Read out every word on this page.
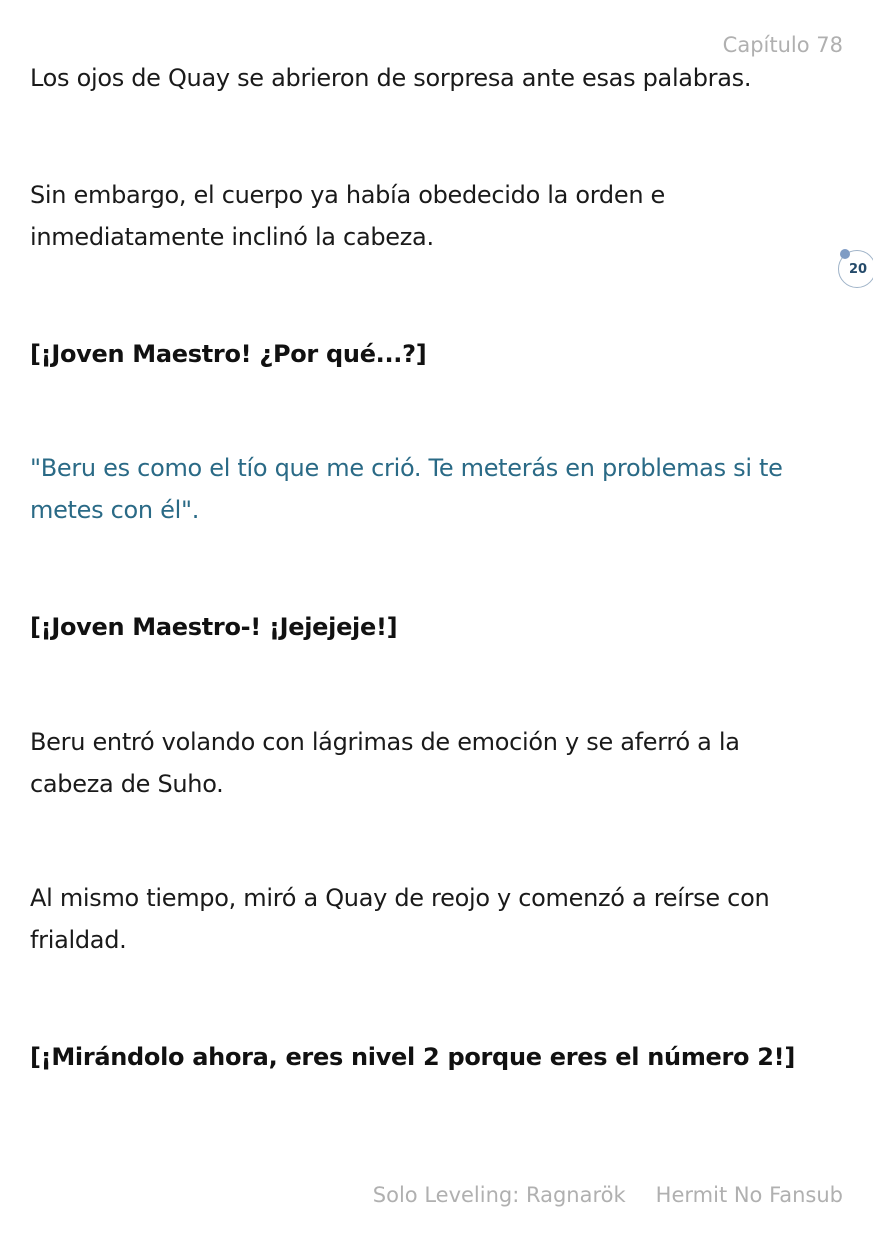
Capítulo 78
Los ojos de Quay se abrieron de sorpresa ante esas palabras.
Sin embargo, el cuerpo ya había obedecido la orden e inmediatamente inclinó la cabeza.
[¡Joven Maestro! ¿Por qué...?]
"Beru es como el tío que me crió. Te meterás en problemas si te metes con él".
[¡Joven Maestro-! ¡Jejejeje!]
Beru entró volando con lágrimas de emoción y se aferró a la cabeza de Suho.
Al mismo tiempo, miró a Quay de reojo y comenzó a reírse con frialdad.
[¡Mirándolo ahora, eres nivel 2 porque eres el número 2!]
20
Solo Leveling: Ragnarök Hermit No Fansub
